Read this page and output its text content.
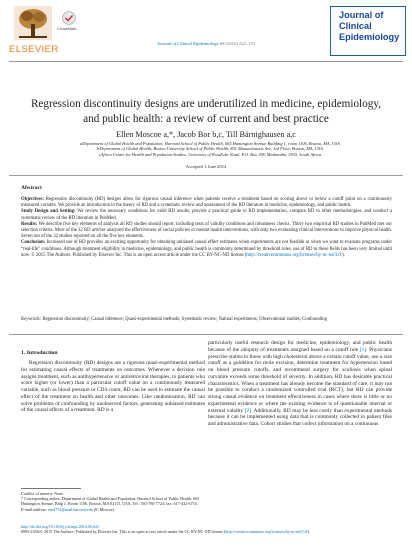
ELSEVIER
CrossMark
Journal of Clinical Epidemiology
Journal of Clinical Epidemiology 68 (2015) 122–133
Regression discontinuity designs are underutilized in medicine, epidemiology, and public health: a review of current and best practice
Ellen Moscoe a,*, Jacob Bor b,c, Till Bärnighausen a,c
aDepartment of Global Health and Population, Harvard School of Public Health, 665 Huntington Avenue Building 1, room 1106, Boston, MA, USA
bDepartment of Global Health, Boston University School of Public Health, 801 Massachusetts Ave, 3rd Floor, Boston, MA, USA
cAfrica Centre for Health and Population Studies, University of KwaZulu-Natal, P.O. Box 198, Mtubatuba, 3935, South Africa
Accepted 1 June 2014
Abstract

Objectives: Regression discontinuity (RD) designs allow for rigorous causal inference when patients receive a treatment based on scoring above or below a cutoff point on a continuously measured variable. We provide an introduction to the theory of RD and a systematic review and assessment of the RD literature in medicine, epidemiology, and public health.

Study Design and Setting: We review the necessary conditions for valid RD results, provide a practical guide to RD implementation, compare RD to other methodologies, and conduct a systematic review of the RD literature in PubMed.

Results: We describe five key elements of analysis all RD studies should report, including tests of validity conditions and robustness checks. Thirty two empirical RD studies in PubMed met our selection criteria. Most of the 32 RD articles analyzed the effectiveness of social policies or mental health interventions, with only two evaluating clinical interventions to improve physical health. Seven out of the 32 studies reported on all the five key elements.

Conclusion: Increased use of RD provides an exciting opportunity for obtaining unbiased causal effect estimates when experiments are not feasible or when we want to evaluate programs under “real-life” conditions. Although treatment eligibility in medicine, epidemiology, and public health is commonly determined by threshold rules, use of RD in these fields has been very limited until now. © 2015 The Authors. Published by Elsevier Inc. This is an open access article under the CC BY-NC-ND license (http://creativecommons.org/licenses/by-nc-nd/3.0/).

Keywords: Regression discontinuity; Causal inference; Quasi-experimental methods; Systematic review; Natural experiments; Observational studies; Confounding
1. Introduction

Regression discontinuity (RD) designs are a rigorous quasi-experimental method for estimating causal effects of treatments on outcomes. Whenever a decision rule assigns treatment, such as antihypertensive or antiretroviral therapies, to patients who score higher (or lower) than a particular cutoff value on a continuously measured variable, such as blood pressure or CD4 count, RD can be used to estimate the causal effect of the treatment on health and other outcomes. Like randomization, RD can solve problems of confounding by unobserved factors, generating unbiased estimates of the causal effects of a treatment. RD is a

particularly useful research design for medicine, epidemiology, and public health because of the ubiquity of treatments assigned based on a cutoff rule [1]. Physicians prescribe statins to those with high cholesterol above a certain cutoff value, use a size cutoff as a guideline for mole excision, determine treatment for hypertension based on blood pressure cutoffs, and recommend surgery for scoliosis when spinal curvature exceeds some threshold of severity. In addition, RD has desirable practical characteristics. When a treatment has already become the standard of care, it may not be possible to conduct a randomized controlled trial (RCT), but RD can provide strong causal evidence on treatment effectiveness in cases where there is little or no experimental evidence or where the existing evidence is of questionable internal or external validity [2]. Additionally, RD may be less costly than experimental methods because it can be implemented using data that is commonly collected in patient files and administrative data. Cohort studies that collect information on a continuous

Conflict of interest: None.
* Corresponding author. Department of Global Health and Population, Harvard School of Public Health, 665 Huntington Avenue, Bldg 1, Room 1106, Boston, MA 02115, USA. Tel.: 503-780-7724; fax: 617-432-6733.
E-mail address: em4751@mail.harvard.edu (E. Moscoe).
http://dx.doi.org/10.1016/j.jclinepi.2014.06.021
0895-4356/© 2015 The Authors. Published by Elsevier Inc. This is an open access article under the CC BY-NC-ND license (http://creativecommons.org/licenses/by-nc-nd/3.0/).
